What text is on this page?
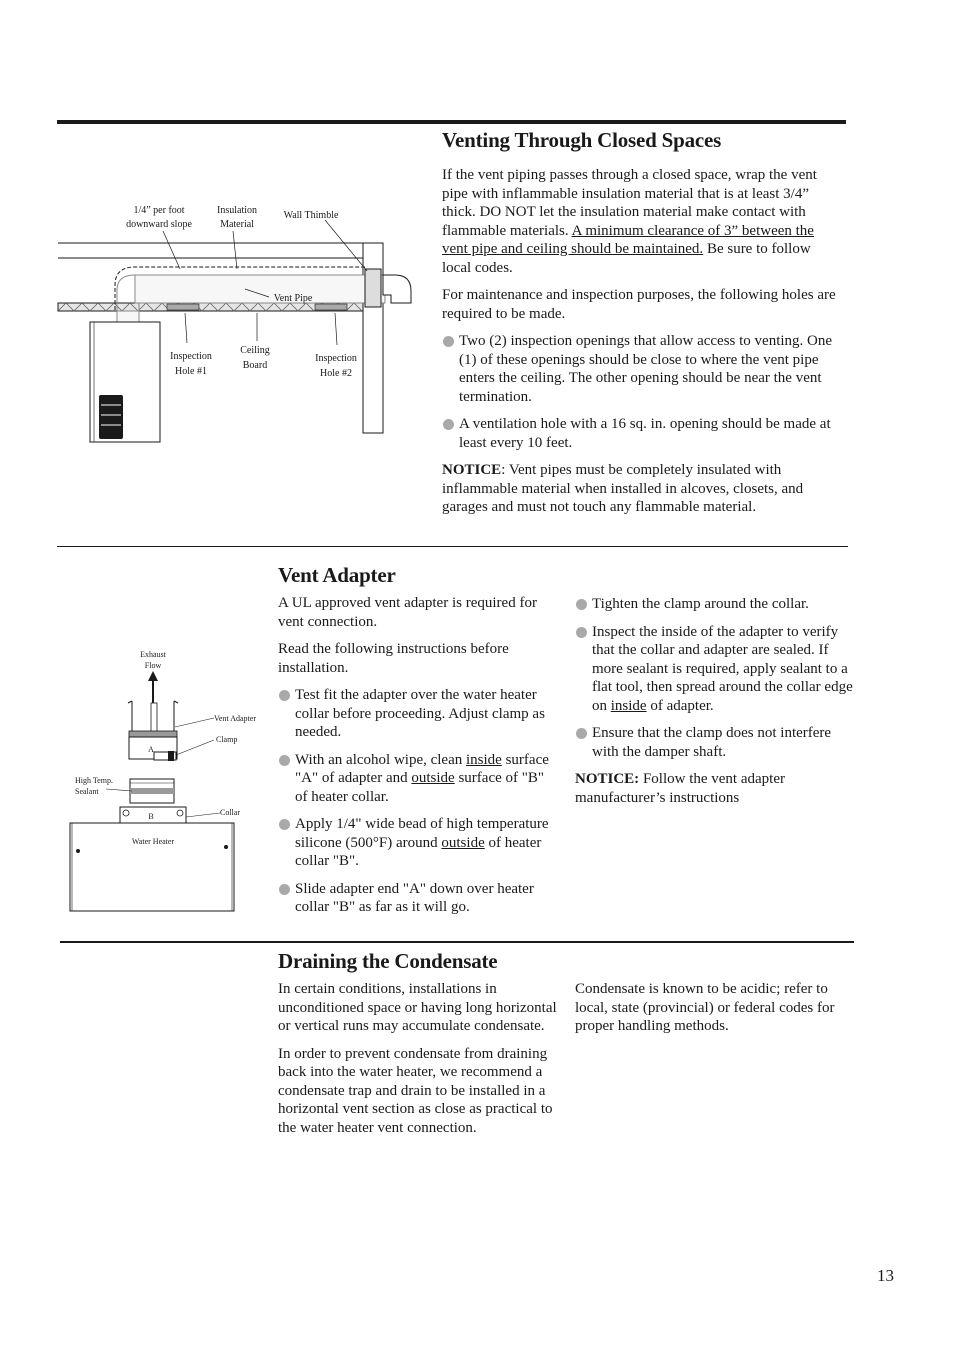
Venting Through Closed Spaces

If the vent piping passes through a closed space, wrap the vent pipe with inflammable insulation material that is at least 3/4” thick. DO NOT let the insulation material make contact with flammable materials. A minimum clearance of 3” between the vent pipe and ceiling should be maintained. Be sure to follow local codes.

For maintenance and inspection purposes, the following holes are required to be made.

Two (2) inspection openings that allow access to venting. One (1) of these openings should be close to where the vent pipe enters the ceiling. The other opening should be near the vent termination.

A ventilation hole with a 16 sq. in. opening should be made at least every 10 feet.

NOTICE: Vent pipes must be completely insulated with inflammable material when installed in alcoves, closets, and garages and must not touch any flammable material.

1/4” per foot
downward slope
Insulation
Material
Wall Thimble
Vent Pipe
Inspection
Hole #1
Ceiling
Board
Inspection
Hole #2
Vent Adapter

A UL approved vent adapter is required for vent connection.

Read the following instructions before installation.

Test fit the adapter over the water heater collar before proceeding. Adjust clamp as needed.

With an alcohol wipe, clean inside surface "A" of adapter and outside surface of "B" of heater collar.

Apply 1/4" wide bead of high temperature silicone (500°F) around outside of heater collar "B".

Slide adapter end "A" down over heater collar "B" as far as it will go.

Tighten the clamp around the collar.

Inspect the inside of the adapter to verify that the collar and adapter are sealed. If more sealant is required, apply sealant to a flat tool, then spread around the collar edge on inside of adapter.

Ensure that the clamp does not interfere with the damper shaft.

NOTICE: Follow the vent adapter manufacturer’s instructions

Exhaust
Flow
Vent Adapter
Clamp
A
High Temp.
Sealant
Collar
B
Water Heater
Draining the Condensate

In certain conditions, installations in unconditioned space or having long horizontal or vertical runs may accumulate condensate.

In order to prevent condensate from draining back into the water heater, we recommend a condensate trap and drain to be installed in a horizontal vent section as close as practical to the water heater vent connection.

Condensate is known to be acidic; refer to local, state (provincial) or federal codes for proper handling methods.

13
